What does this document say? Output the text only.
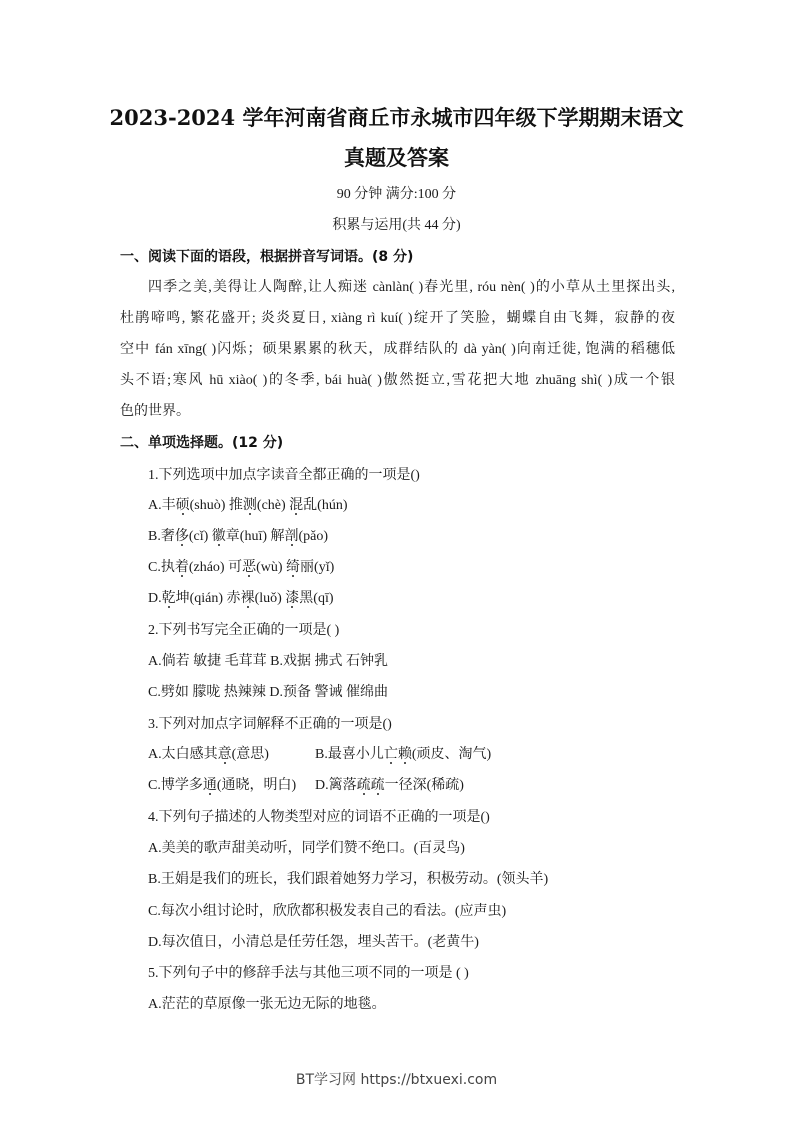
2023-2024 学年河南省商丘市永城市四年级下学期期末语文
真题及答案
90 分钟 满分:100 分
积累与运用(共 44 分)
一、阅读下面的语段，根据拼音写词语。(8 分)
四季之美,美得让人陶醉,让人痴迷 cànlàn( )春光里, róu nèn( )的小草从土里探出头,
杜鹃啼鸣, 繁花盛开; 炎炎夏日, xiàng rì kuí( )绽开了笑脸，蝴蝶自由飞舞，寂静的夜
空中 fán xīng( )闪烁；硕果累累的秋天，成群结队的 dà yàn( )向南迁徙, 饱满的稻穗低
头不语;寒风 hū xiào( )的冬季, bái huà( )傲然挺立,雪花把大地 zhuāng shì( )成一个银
色的世界。
二、单项选择题。(12 分)
1.下列选项中加点字读音全都正确的一项是()
A.丰硕(shuò) 推测(chè) 混乱(hún)
B.奢侈(cǐ) 徽章(huī) 解剖(pǎo)
C.执着(zháo) 可恶(wù) 绮丽(yǐ)
D.乾坤(qián) 赤裸(luǒ) 漆黑(qī)
2.下列书写完全正确的一项是( )
A.倘若 敏捷 毛茸茸 B.戏据 拂式 石钟乳
C.劈如 朦咙 热辣辣 D.预备 警诫 催绵曲
3.下列对加点字词解释不正确的一项是()
A.太白感其意(意思)	B.最喜小儿亡赖(顽皮、淘气)
C.博学多通(通晓，明白) D.篱落疏疏一径深(稀疏)
4.下列句子描述的人物类型对应的词语不正确的一项是()
A.美美的歌声甜美动听，同学们赞不绝口。(百灵鸟)
B.王娟是我们的班长，我们跟着她努力学习，积极劳动。(领头羊)
C.每次小组讨论时，欣欣都积极发表自己的看法。(应声虫)
D.每次值日，小清总是任劳任怨，埋头苦干。(老黄牛)
5.下列句子中的修辞手法与其他三项不同的一项是 ( )
A.茫茫的草原像一张无边无际的地毯。
BT学习网 https://btxuexi.com
